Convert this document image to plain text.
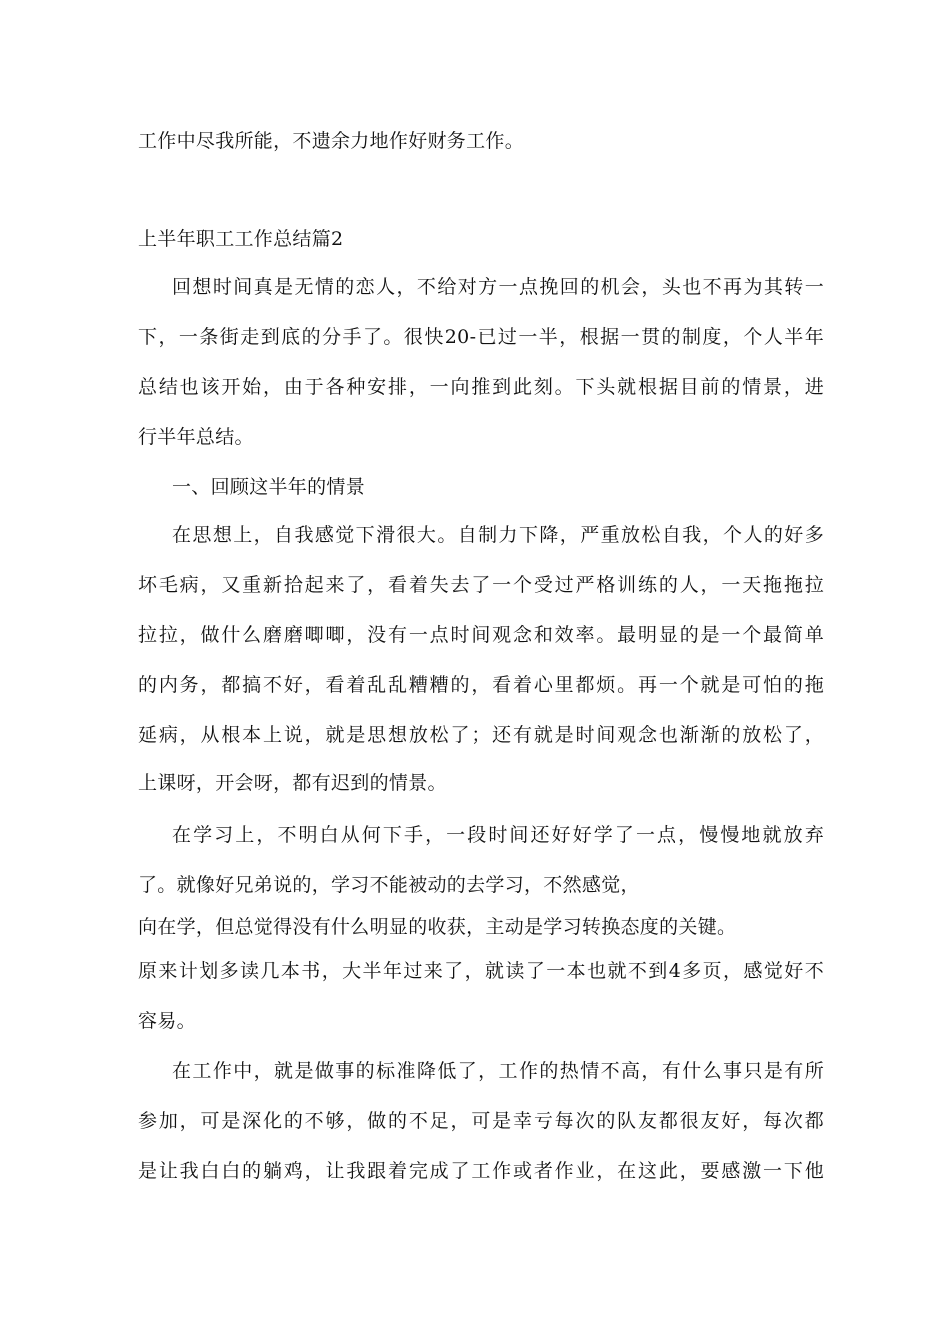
工作中尽我所能，不遗余力地作好财务工作。
上半年职工工作总结篇2
回想时间真是无情的恋人，不给对方一点挽回的机会，头也不再为其转一
下，一条街走到底的分手了。很快20-已过一半，根据一贯的制度，个人半年
总结也该开始，由于各种安排，一向推到此刻。下头就根据目前的情景，进
行半年总结。
一、回顾这半年的情景
在思想上，自我感觉下滑很大。自制力下降，严重放松自我，个人的好多
坏毛病，又重新拾起来了，看着失去了一个受过严格训练的人，一天拖拖拉
拉拉，做什么磨磨唧唧，没有一点时间观念和效率。最明显的是一个最简单
的内务，都搞不好，看着乱乱糟糟的，看着心里都烦。再一个就是可怕的拖
延病，从根本上说，就是思想放松了；还有就是时间观念也渐渐的放松了，
上课呀，开会呀，都有迟到的情景。
在学习上，不明白从何下手，一段时间还好好学了一点，慢慢地就放弃
了。就像好兄弟说的，学习不能被动的去学习，不然感觉，
向在学，但总觉得没有什么明显的收获，主动是学习转换态度的关键。
原来计划多读几本书，大半年过来了，就读了一本也就不到4多页，感觉好不
容易。
在工作中，就是做事的标准降低了，工作的热情不高，有什么事只是有所
参加，可是深化的不够，做的不足，可是幸亏每次的队友都很友好，每次都
是让我白白的躺鸡，让我跟着完成了工作或者作业，在这此，要感激一下他
